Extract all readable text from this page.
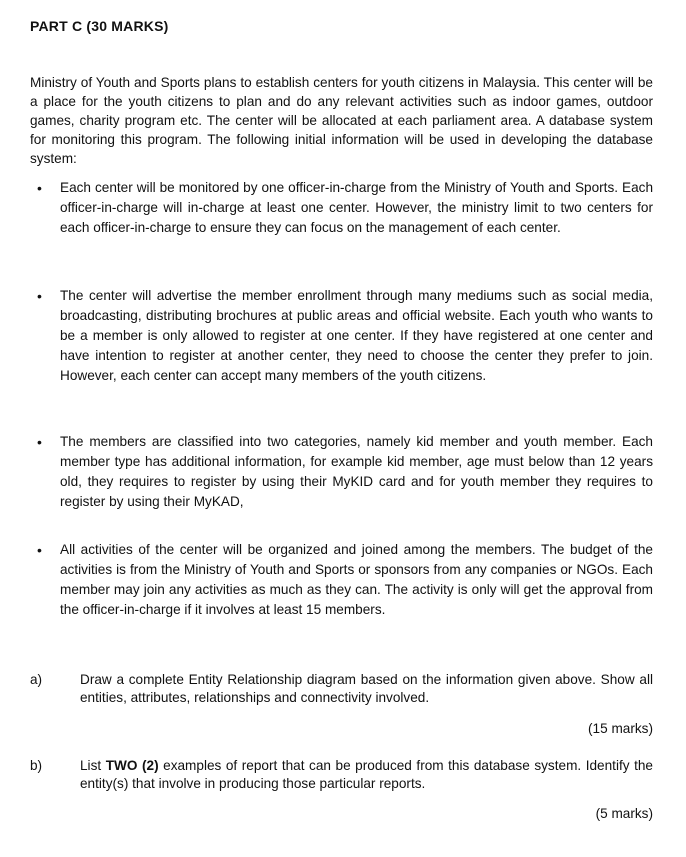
PART C (30 MARKS)

Ministry of Youth and Sports plans to establish centers for youth citizens in Malaysia. This center will be a place for the youth citizens to plan and do any relevant activities such as indoor games, outdoor games, charity program etc. The center will be allocated at each parliament area. A database system for monitoring this program. The following initial information will be used in developing the database system:

• Each center will be monitored by one officer-in-charge from the Ministry of Youth and Sports. Each officer-in-charge will in-charge at least one center. However, the ministry limit to two centers for each officer-in-charge to ensure they can focus on the management of each center.

• The center will advertise the member enrollment through many mediums such as social media, broadcasting, distributing brochures at public areas and official website. Each youth who wants to be a member is only allowed to register at one center. If they have registered at one center and have intention to register at another center, they need to choose the center they prefer to join. However, each center can accept many members of the youth citizens.

• The members are classified into two categories, namely kid member and youth member. Each member type has additional information, for example kid member, age must below than 12 years old, they requires to register by using their MyKID card and for youth member they requires to register by using their MyKAD,

• All activities of the center will be organized and joined among the members. The budget of the activities is from the Ministry of Youth and Sports or sponsors from any companies or NGOs. Each member may join any activities as much as they can. The activity is only will get the approval from the officer-in-charge if it involves at least 15 members.

a)	Draw a complete Entity Relationship diagram based on the information given above. Show all entities, attributes, relationships and connectivity involved.

(15 marks)
b)	List TWO (2) examples of report that can be produced from this database system. Identify the entity(s) that involve in producing those particular reports.

(5 marks)
